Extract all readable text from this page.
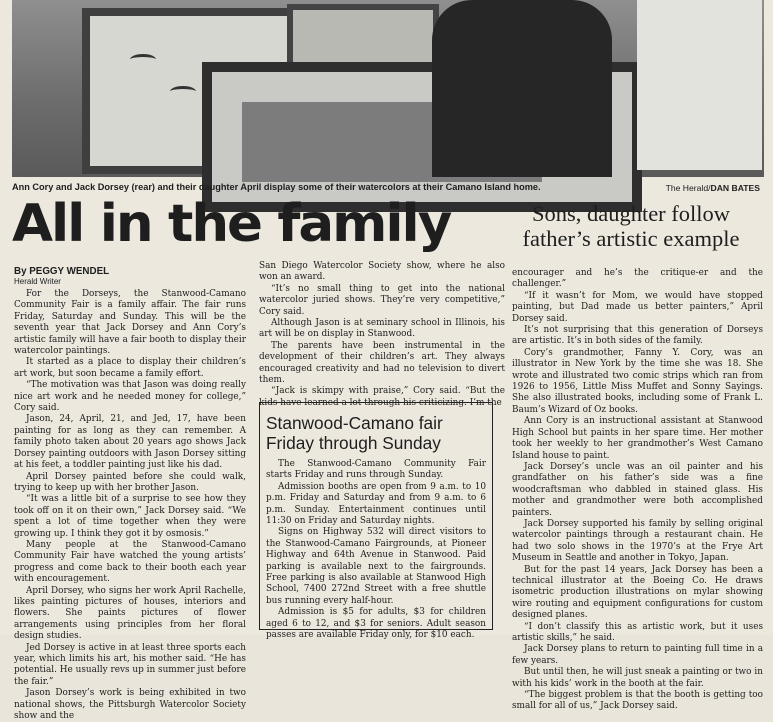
Ann Cory and Jack Dorsey (rear) and their daughter April display some of their watercolors at their Camano Island home.	The Herald/DAN BATES
All in the family	Sons, daughter follow father’s artistic example
By PEGGY WENDEL
Herald Writer

For the Dorseys, the Stanwood-Camano Community Fair is a family affair. The fair runs Friday, Saturday and Sunday. This will be the seventh year that Jack Dorsey and Ann Cory’s artistic family will have a fair booth to display their watercolor paintings.

It started as a place to display their children’s art work, but soon became a family effort.

“The motivation was that Jason was doing really nice art work and he needed money for college,” Cory said.

Jason, 24, April, 21, and Jed, 17, have been painting for as long as they can remember. A family photo taken about 20 years ago shows Jack Dorsey painting outdoors with Jason Dorsey sitting at his feet, a toddler painting just like his dad.

April Dorsey painted before she could walk, trying to keep up with her brother Jason.

“It was a little bit of a surprise to see how they took off on it on their own,” Jack Dorsey said. “We spent a lot of time together when they were growing up. I think they got it by osmosis.”

Many people at the Stanwood-Camano Community Fair have watched the young artists’ progress and come back to their booth each year with encouragement.

April Dorsey, who signs her work April Rachelle, likes painting pictures of houses, interiors and flowers. She paints pictures of flower arrangements using principles from her floral design studies.

Jed Dorsey is active in at least three sports each year, which limits his art, his mother said. “He has potential. He usually revs up in summer just before the fair.”

Jason Dorsey’s work is being exhibited in two national shows, the Pittsburgh Watercolor Society show and the

San Diego Watercolor Society show, where he also won an award.

“It’s no small thing to get into the national watercolor juried shows. They’re very competitive,” Cory said.

Although Jason is at seminary school in Illinois, his art will be on display in Stanwood.

The parents have been instrumental in the development of their children’s art. They always encouraged creativity and had no television to divert them.

“Jack is skimpy with praise,” Cory said. “But the kids have learned a lot through his criticizing. I’m the

Stanwood-Camano fair Friday through Sunday

The Stanwood-Camano Community Fair starts Friday and runs through Sunday.

Admission booths are open from 9 a.m. to 10 p.m. Friday and Saturday and from 9 a.m. to 6 p.m. Sunday. Entertainment continues until 11:30 on Friday and Saturday nights.

Signs on Highway 532 will direct visitors to the Stanwood-Camano Fairgrounds, at Pioneer Highway and 64th Avenue in Stanwood. Paid parking is available next to the fairgrounds. Free parking is also available at Stanwood High School, 7400 272nd Street with a free shuttle bus running every half-hour.

Admission is $5 for adults, $3 for children aged 6 to 12, and $3 for seniors. Adult season passes are available Friday only, for $10 each.

encourager and he’s the critique-er and the challenger.”

“If it wasn’t for Mom, we would have stopped painting, but Dad made us better painters,” April Dorsey said.

It’s not surprising that this generation of Dorseys are artistic. It’s in both sides of the family.

Cory’s grandmother, Fanny Y. Cory, was an illustrator in New York by the time she was 18. She wrote and illustrated two comic strips which ran from 1926 to 1956, Little Miss Muffet and Sonny Sayings. She also illustrated books, including some of Frank L. Baum’s Wizard of Oz books.

Ann Cory is an instructional assistant at Stanwood High School but paints in her spare time. Her mother took her weekly to her grandmother’s West Camano Island house to paint.

Jack Dorsey’s uncle was an oil painter and his grandfather on his father’s side was a fine woodcraftsman who dabbled in stained glass. His mother and grandmother were both accomplished painters.

Jack Dorsey supported his family by selling original watercolor paintings through a restaurant chain. He had two solo shows in the 1970’s at the Frye Art Museum in Seattle and another in Tokyo, Japan.

But for the past 14 years, Jack Dorsey has been a technical illustrator at the Boeing Co. He draws isometric production illustrations on mylar showing wire routing and equipment configurations for custom designed planes.

“I don’t classify this as artistic work, but it uses artistic skills,” he said.

Jack Dorsey plans to return to painting full time in a few years.

But until then, he will just sneak a painting or two in with his kids’ work in the booth at the fair.

“The biggest problem is that the booth is getting too small for all of us,” Jack Dorsey said.
